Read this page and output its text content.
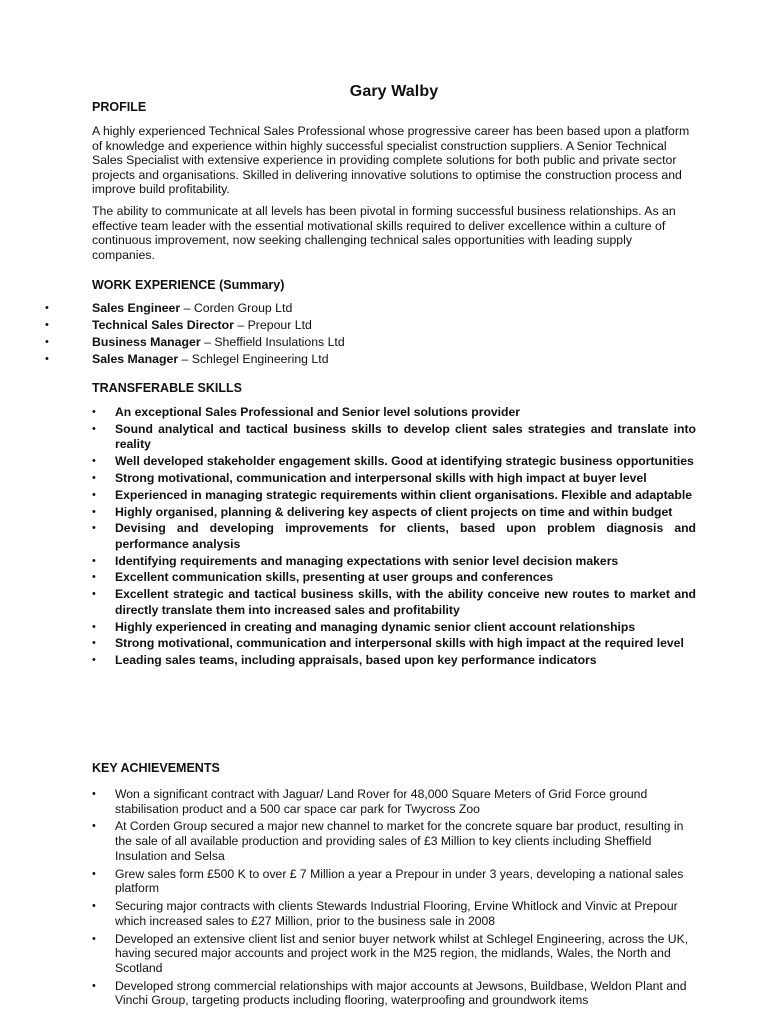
Gary Walby

PROFILE

A highly experienced Technical Sales Professional whose progressive career has been based upon a platform of knowledge and experience within highly successful specialist construction suppliers. A Senior Technical Sales Specialist with extensive experience in providing complete solutions for both public and private sector projects and organisations. Skilled in delivering innovative solutions to optimise the construction process and improve build profitability.

The ability to communicate at all levels has been pivotal in forming successful business relationships. As an effective team leader with the essential motivational skills required to deliver excellence within a culture of continuous improvement, now seeking challenging technical sales opportunities with leading supply companies.

WORK EXPERIENCE (Summary)

•	Sales Engineer – Corden Group Ltd
•	Technical Sales Director – Prepour Ltd
•	Business Manager – Sheffield Insulations Ltd
•	Sales Manager – Schlegel Engineering Ltd

TRANSFERABLE SKILLS

• An exceptional Sales Professional and Senior level solutions provider
• Sound analytical and tactical business skills to develop client sales strategies and translate into reality
• Well developed stakeholder engagement skills. Good at identifying strategic business opportunities
• Strong motivational, communication and interpersonal skills with high impact at buyer level
• Experienced in managing strategic requirements within client organisations. Flexible and adaptable
• Highly organised, planning & delivering key aspects of client projects on time and within budget
• Devising and developing improvements for clients, based upon problem diagnosis and performance analysis
• Identifying requirements and managing expectations with senior level decision makers
• Excellent communication skills, presenting at user groups and conferences
• Excellent strategic and tactical business skills, with the ability conceive new routes to market and directly translate them into increased sales and profitability
• Highly experienced in creating and managing dynamic senior client account relationships
• Strong motivational, communication and interpersonal skills with high impact at the required level
• Leading sales teams, including appraisals, based upon key performance indicators

KEY ACHIEVEMENTS

• Won a significant contract with Jaguar/ Land Rover for 48,000 Square Meters of Grid Force ground stabilisation product and a 500 car space car park for Twycross Zoo
• At Corden Group secured a major new channel to market for the concrete square bar product, resulting in the sale of all available production and providing sales of £3 Million to key clients including Sheffield Insulation and Selsa
• Grew sales form £500 K to over £ 7 Million a year a Prepour in under 3 years, developing a national sales platform
• Securing major contracts with clients Stewards Industrial Flooring, Ervine Whitlock and Vinvic at Prepour which increased sales to £27 Million, prior to the business sale in 2008
• Developed an extensive client list and senior buyer network whilst at Schlegel Engineering, across the UK, having secured major accounts and project work in the M25 region, the midlands, Wales, the North and Scotland
• Developed strong commercial relationships with major accounts at Jewsons, Buildbase, Weldon Plant and Vinchi Group, targeting products including flooring, waterproofing and groundwork items
